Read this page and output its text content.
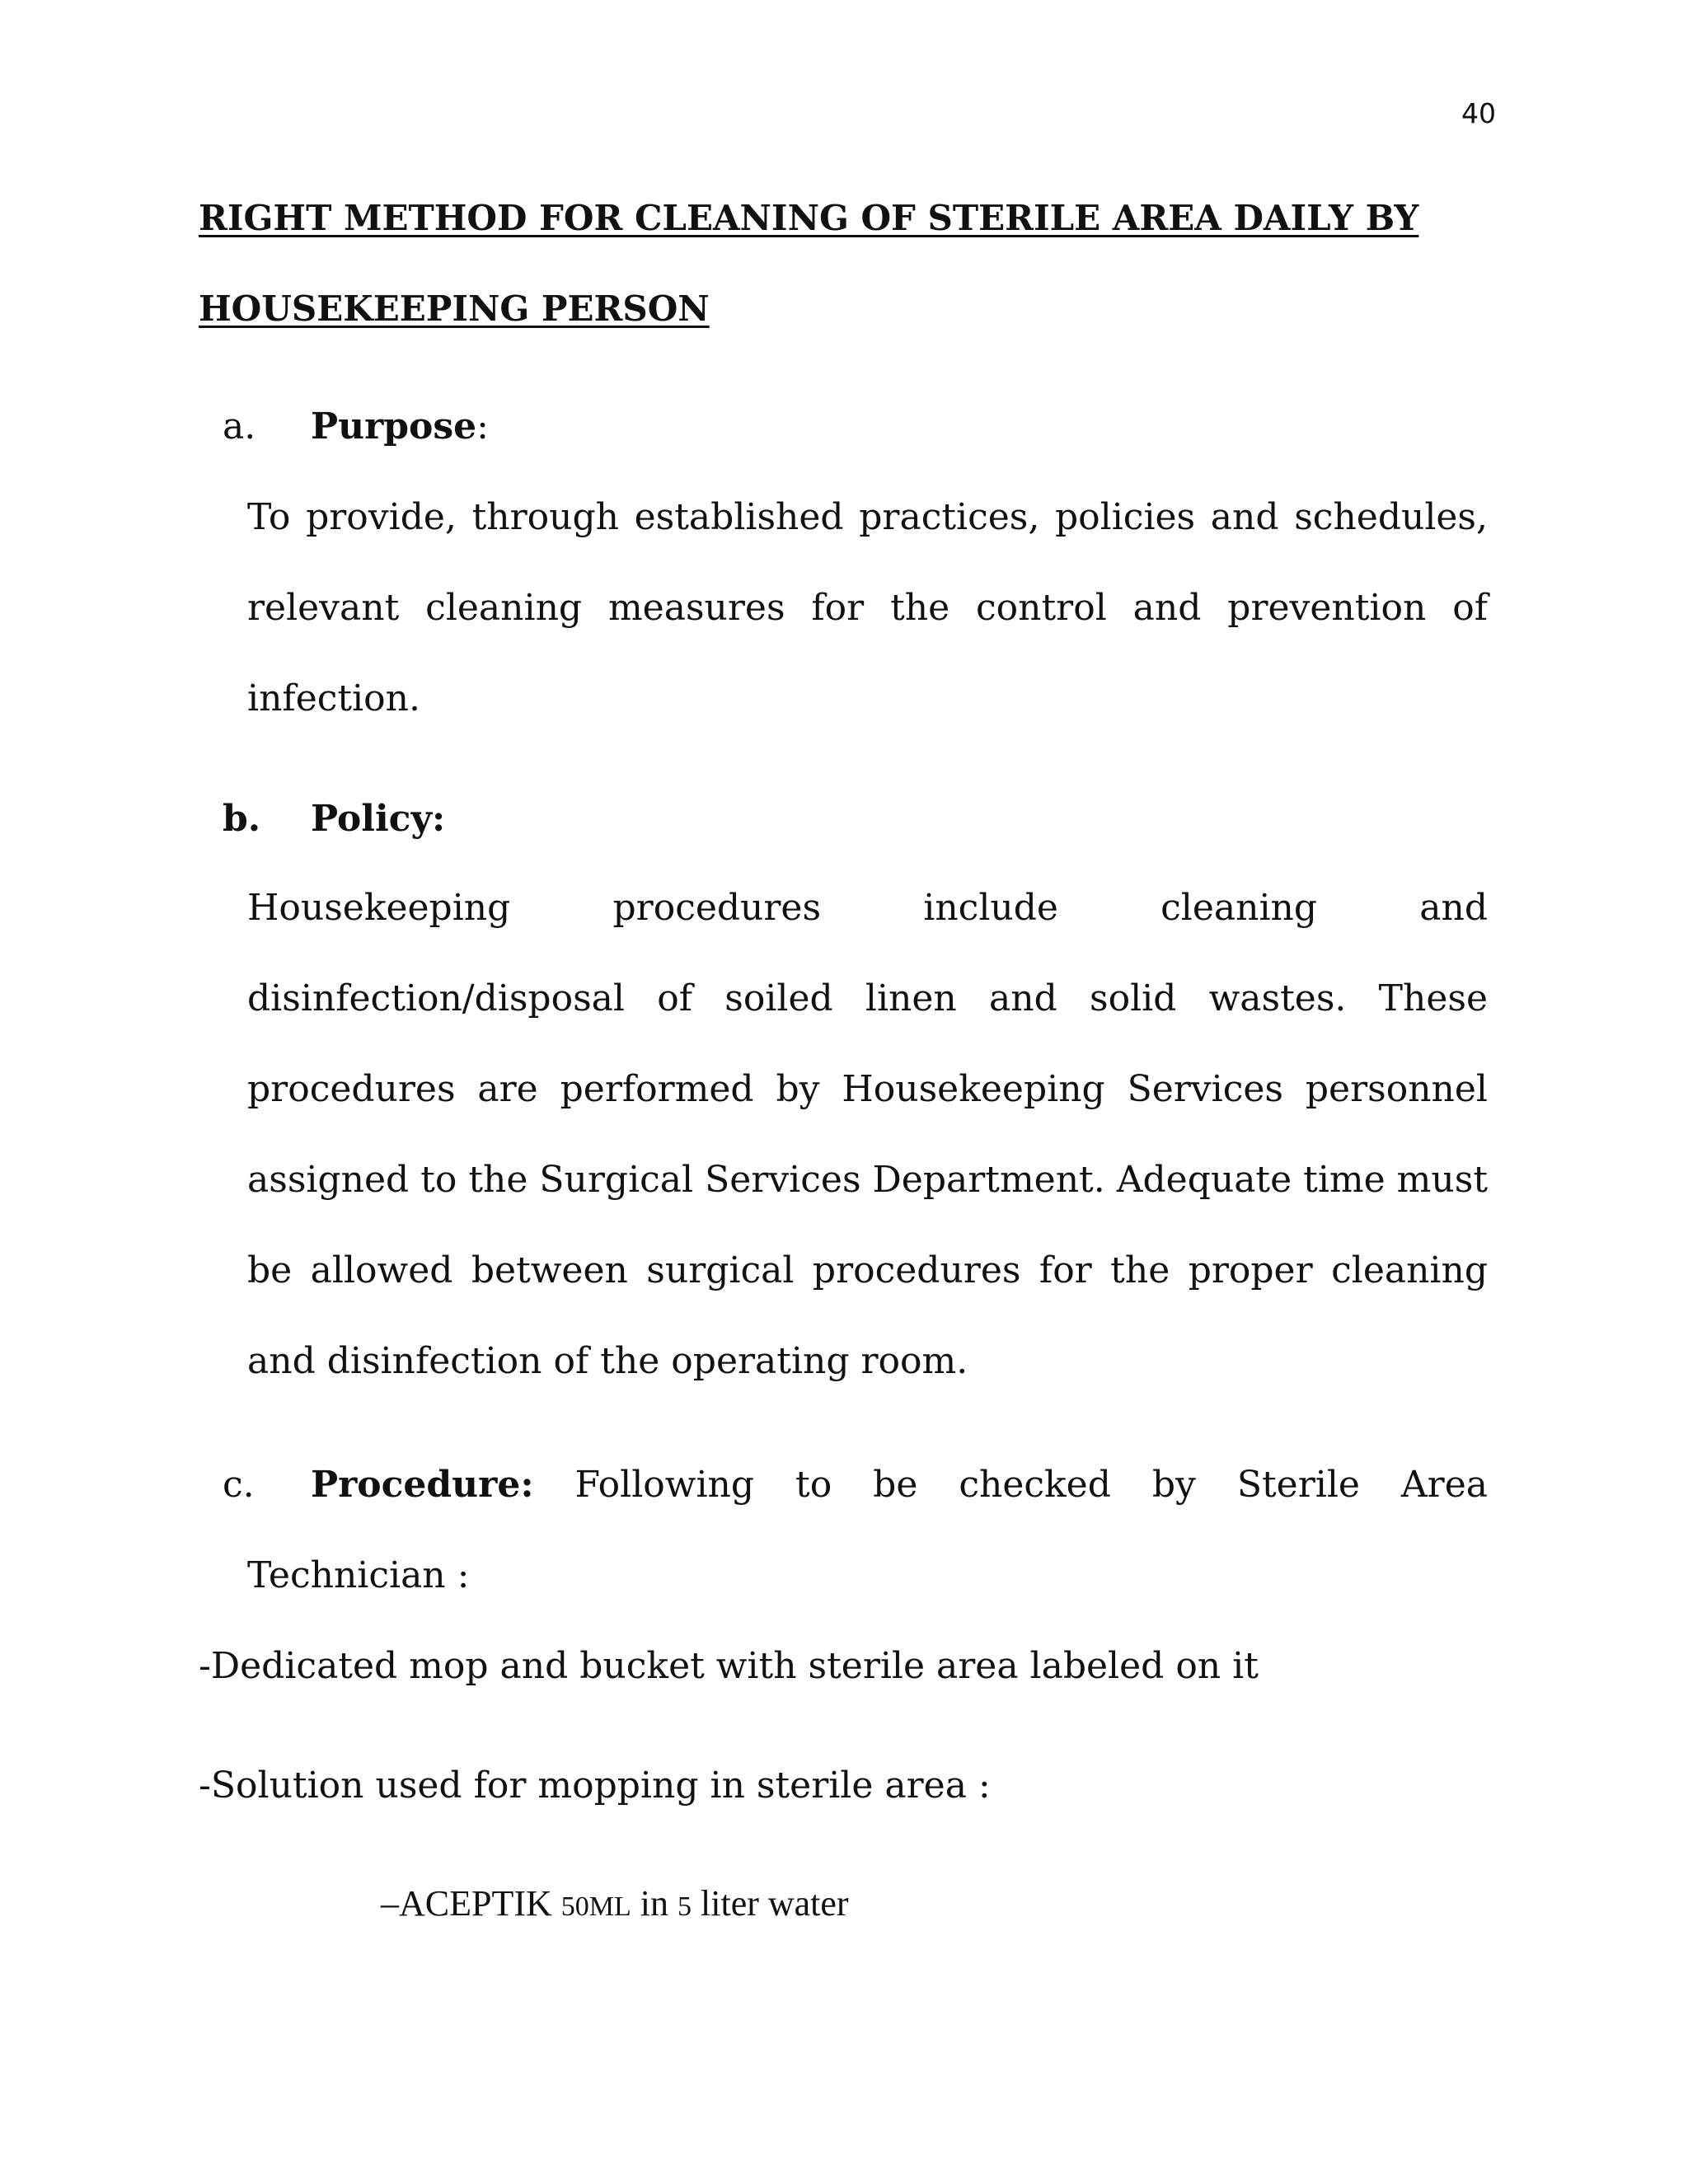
40
RIGHT METHOD FOR CLEANING OF STERILE AREA DAILY BY
HOUSEKEEPING PERSON
a. Purpose:

To provide, through established practices, policies and schedules, relevant cleaning measures for the control and prevention of infection.

b. Policy:

Housekeeping procedures include cleaning and disinfection/disposal of soiled linen and solid wastes. These procedures are performed by Housekeeping Services personnel assigned to the Surgical Services Department. Adequate time must be allowed between surgical procedures for the proper cleaning and disinfection of the operating room.

c. Procedure: Following to be checked by Sterile Area
Technician :
-Dedicated mop and bucket with sterile area labeled on it
-Solution used for mopping in sterile area :
–ACEPTIK 50ML in 5 liter water
